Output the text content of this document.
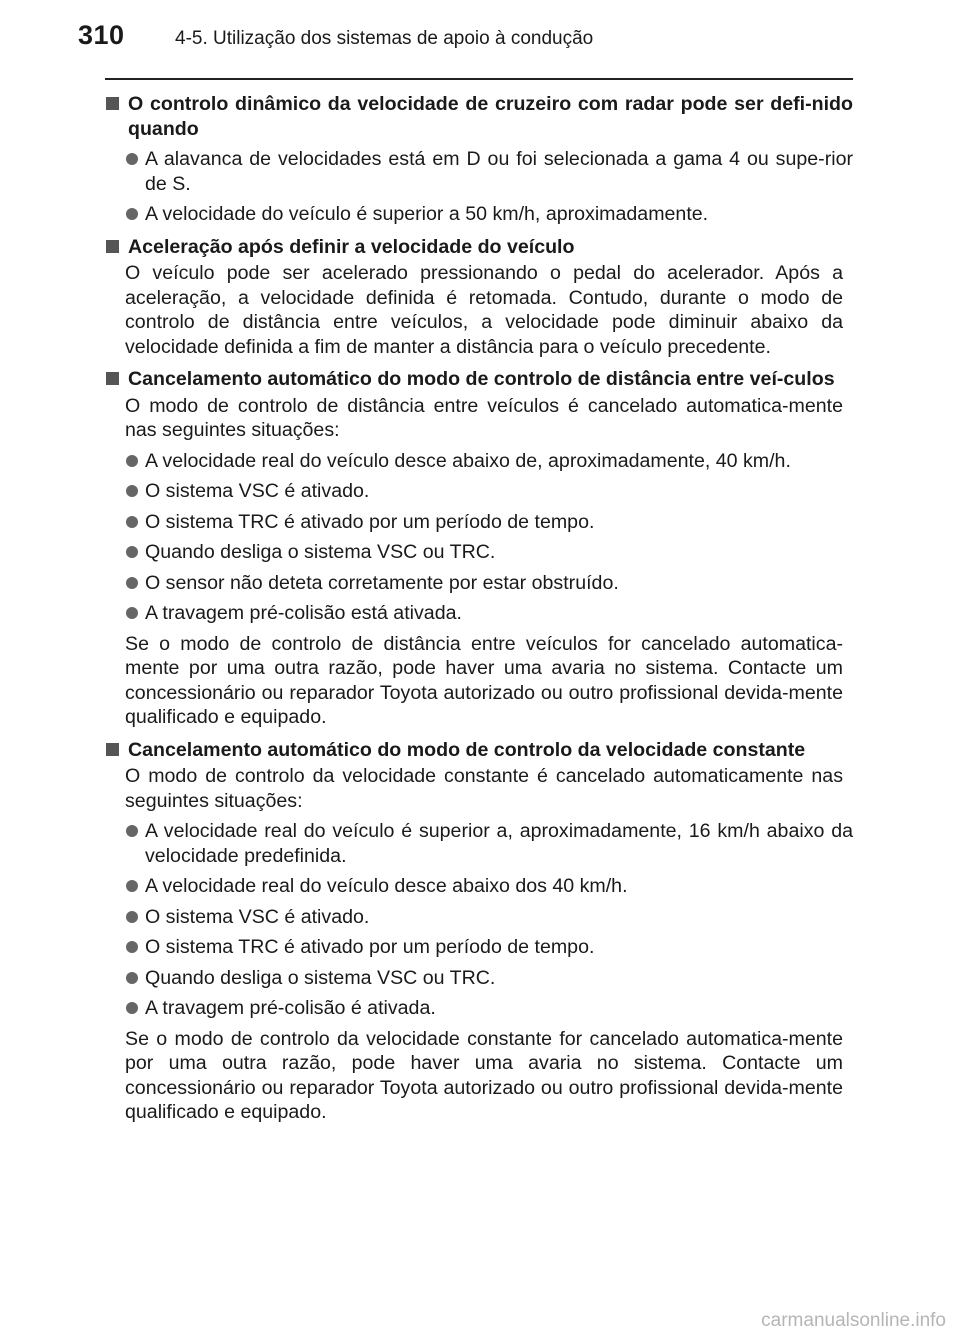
310	4-5. Utilização dos sistemas de apoio à condução
O controlo dinâmico da velocidade de cruzeiro com radar pode ser defi-nido quando
A alavanca de velocidades está em D ou foi selecionada a gama 4 ou supe-rior de S.
A velocidade do veículo é superior a 50 km/h, aproximadamente.
Aceleração após definir a velocidade do veículo
O veículo pode ser acelerado pressionando o pedal do acelerador. Após a aceleração, a velocidade definida é retomada. Contudo, durante o modo de controlo de distância entre veículos, a velocidade pode diminuir abaixo da velocidade definida a fim de manter a distância para o veículo precedente.
Cancelamento automático do modo de controlo de distância entre veí-culos
O modo de controlo de distância entre veículos é cancelado automatica-mente nas seguintes situações:
A velocidade real do veículo desce abaixo de, aproximadamente, 40 km/h.
O sistema VSC é ativado.
O sistema TRC é ativado por um período de tempo.
Quando desliga o sistema VSC ou TRC.
O sensor não deteta corretamente por estar obstruído.
A travagem pré-colisão está ativada.
Se o modo de controlo de distância entre veículos for cancelado automatica-mente por uma outra razão, pode haver uma avaria no sistema. Contacte um concessionário ou reparador Toyota autorizado ou outro profissional devida-mente qualificado e equipado.
Cancelamento automático do modo de controlo da velocidade constante
O modo de controlo da velocidade constante é cancelado automaticamente nas seguintes situações:
A velocidade real do veículo é superior a, aproximadamente, 16 km/h abaixo da velocidade predefinida.
A velocidade real do veículo desce abaixo dos 40 km/h.
O sistema VSC é ativado.
O sistema TRC é ativado por um período de tempo.
Quando desliga o sistema VSC ou TRC.
A travagem pré-colisão é ativada.
Se o modo de controlo da velocidade constante for cancelado automatica-mente por uma outra razão, pode haver uma avaria no sistema. Contacte um concessionário ou reparador Toyota autorizado ou outro profissional devida-mente qualificado e equipado.
carmanualsonline.info
